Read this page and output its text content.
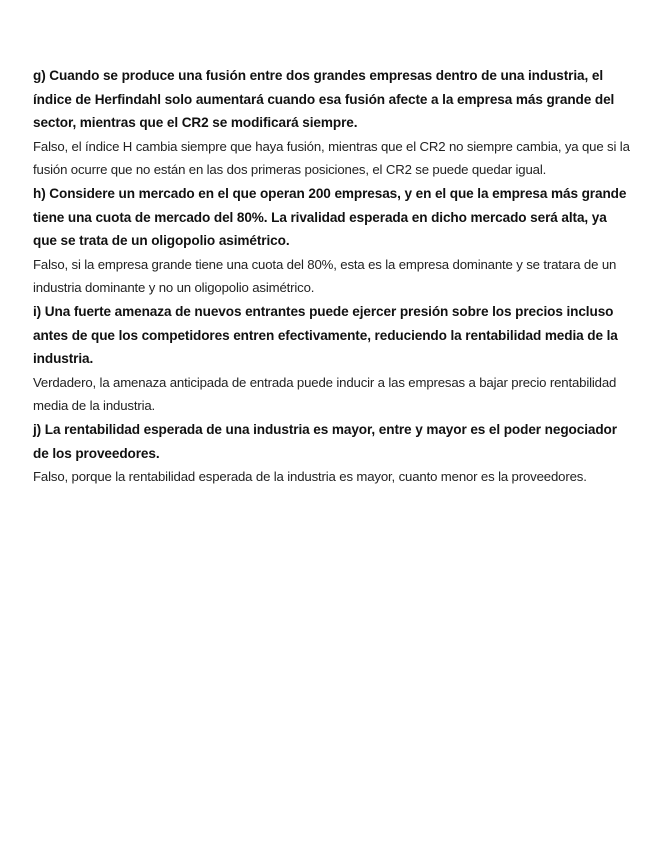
g) Cuando se produce una fusión entre dos grandes empresas dentro de una industria, el índice de Herfindahl solo aumentará cuando esa fusión afecte a la empresa más grande del sector, mientras que el CR2 se modificará siempre.

Falso, el índice H cambia siempre que haya fusión, mientras que el CR2 no siempre cambia, ya que si la fusión ocurre que no están en las dos primeras posiciones, el CR2 se puede quedar igual.

h) Considere un mercado en el que operan 200 empresas, y en el que la empresa más grande tiene una cuota de mercado del 80%. La rivalidad esperada en dicho mercado será alta, ya que se trata de un oligopolio asimétrico.

Falso, si la empresa grande tiene una cuota del 80%, esta es la empresa dominante y se tratara de un industria dominante y no un oligopolio asimétrico.

i) Una fuerte amenaza de nuevos entrantes puede ejercer presión sobre los precios incluso antes de que los competidores entren efectivamente, reduciendo la rentabilidad media de la industria.

Verdadero, la amenaza anticipada de entrada puede inducir a las empresas a bajar precio rentabilidad media de la industria.

j) La rentabilidad esperada de una industria es mayor, entre y mayor es el poder negociador de los proveedores.

Falso, porque la rentabilidad esperada de la industria es mayor, cuanto menor es la proveedores.
